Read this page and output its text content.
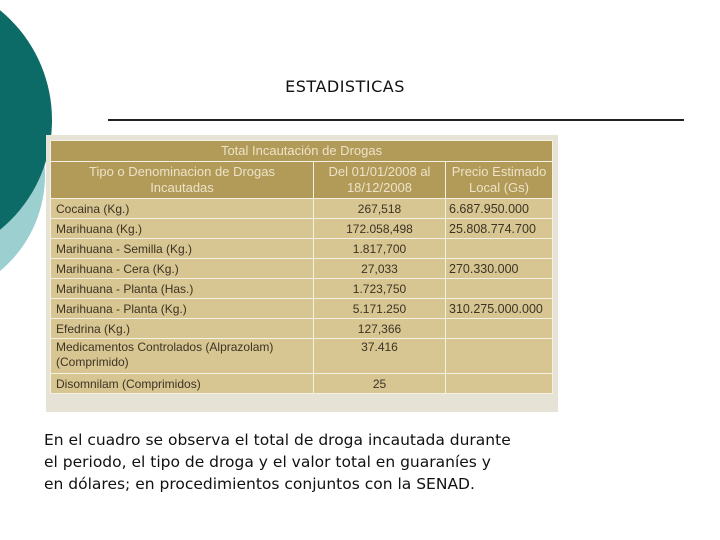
ESTADISTICAS
Total Incautación de Drogas		
Tipo o Denominacion de Drogas Incautadas	Del 01/01/2008 al 18/12/2008	Precio Estimado Local (Gs)
Cocaina (Kg.)	267,518	6.687.950.000
Marihuana (Kg.)	172.058,498	25.808.774.700
Marihuana - Semilla (Kg.)	1.817,700	
Marihuana - Cera (Kg.)	27,033	270.330.000
Marihuana - Planta (Has.)	1.723,750	
Marihuana - Planta (Kg.)	5.171.250	310.275.000.000
Efedrina (Kg.)	127,366	
Medicamentos Controlados (Alprazolam) (Comprimido)	37.416	
Disomnilam (Comprimidos)	25	
En el cuadro se observa el total de droga incautada durante
el periodo, el tipo de droga y el valor total en guaraníes y
en dólares; en procedimientos conjuntos con la SENAD.
